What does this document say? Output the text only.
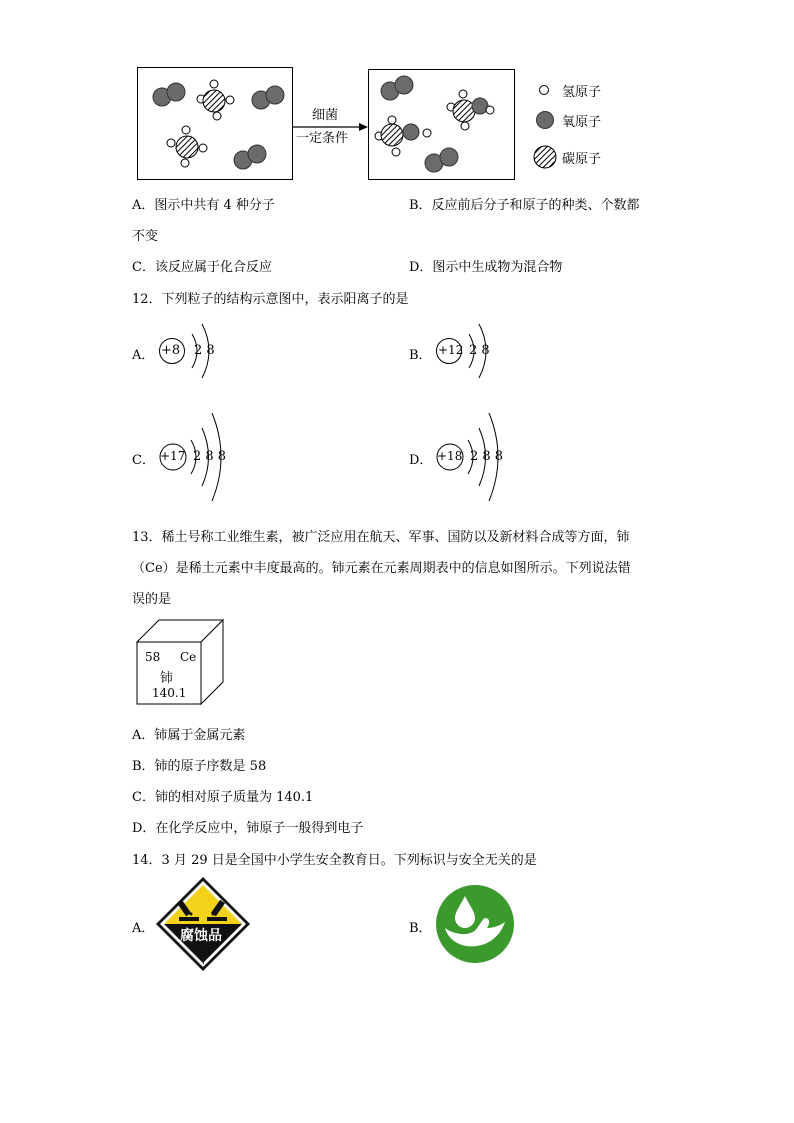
细菌
一定条件
氢原子
氧原子
碳原子
A．图示中共有 4 种分子	B．反应前后分子和原子的种类、个数都
不变
C．该反应属于化合反应	D．图示中生成物为混合物
12．下列粒子的结构示意图中，表示阳离子的是
A． +8 2 8	B． +12 2 8
C． +17 2 8 8	D． +18 2 8 8
13．稀土号称工业维生素，被广泛应用在航天、军事、国防以及新材料合成等方面，铈
（Ce）是稀土元素中丰度最高的。铈元素在元素周期表中的信息如图所示。下列说法错
误的是
58 Ce
铈
140.1
A．铈属于金属元素
B．铈的原子序数是 58
C．铈的相对原子质量为 140.1
D．在化学反应中，铈原子一般得到电子
14．3 月 29 日是全国中小学生安全教育日。下列标识与安全无关的是
A． 腐蚀品	B．
